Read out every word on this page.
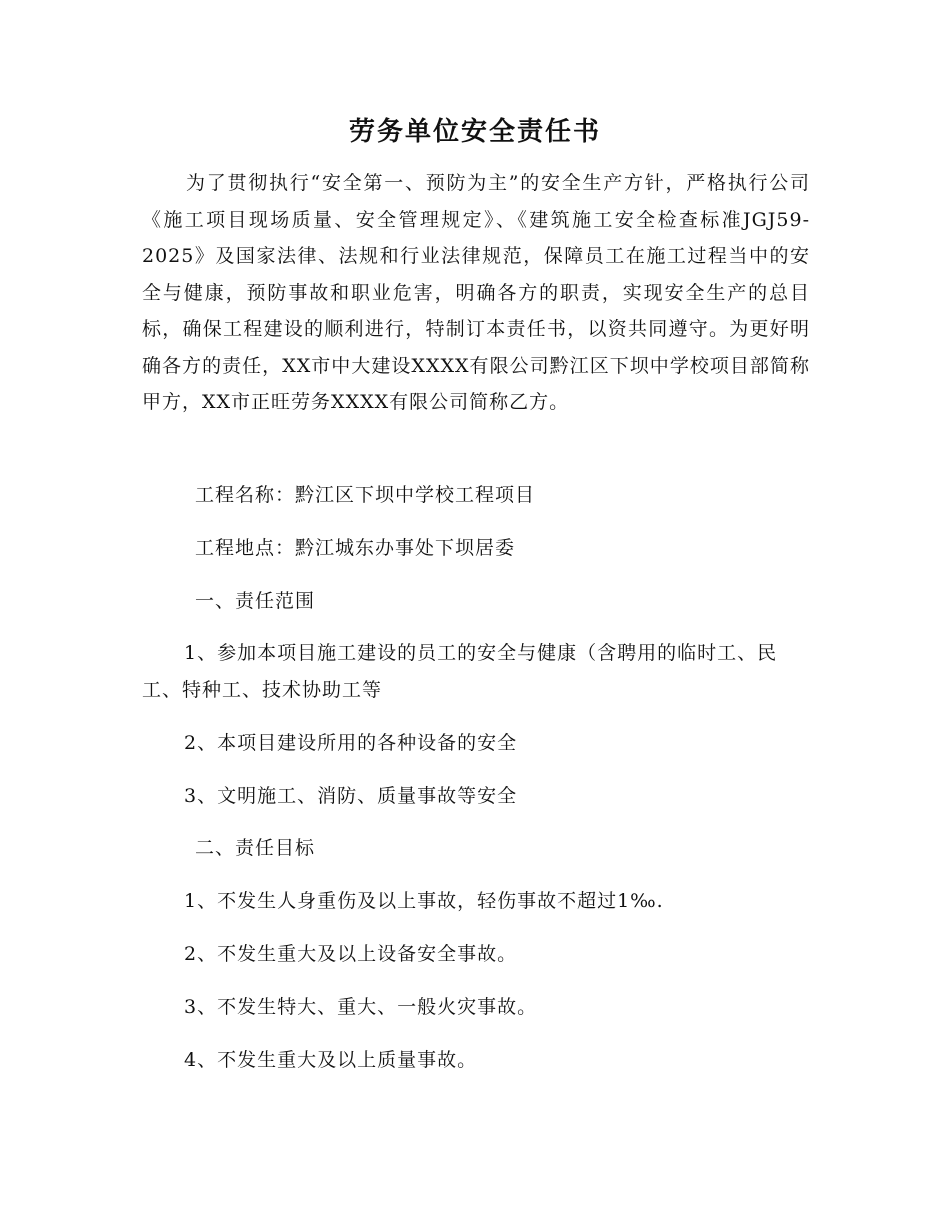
劳务单位安全责任书
为了贯彻执行“安全第一、预防为主”的安全生产方针，严格执行公司《施工项目现场质量、安全管理规定》、《建筑施工安全检查标准JGJ59-2025》及国家法律、法规和行业法律规范，保障员工在施工过程当中的安全与健康，预防事故和职业危害，明确各方的职责，实现安全生产的总目标，确保工程建设的顺利进行，特制订本责任书，以资共同遵守。为更好明确各方的责任，XX市中大建设XXXX有限公司黔江区下坝中学校项目部简称甲方，XX市正旺劳务XXXX有限公司简称乙方。
工程名称：黔江区下坝中学校工程项目
工程地点：黔江城东办事处下坝居委
一、责任范围
1、参加本项目施工建设的员工的安全与健康（含聘用的临时工、民工、特种工、技术协助工等
2、本项目建设所用的各种设备的安全
3、文明施工、消防、质量事故等安全
二、责任目标
1、不发生人身重伤及以上事故，轻伤事故不超过1‰.
2、不发生重大及以上设备安全事故。
3、不发生特大、重大、一般火灾事故。
4、不发生重大及以上质量事故。
